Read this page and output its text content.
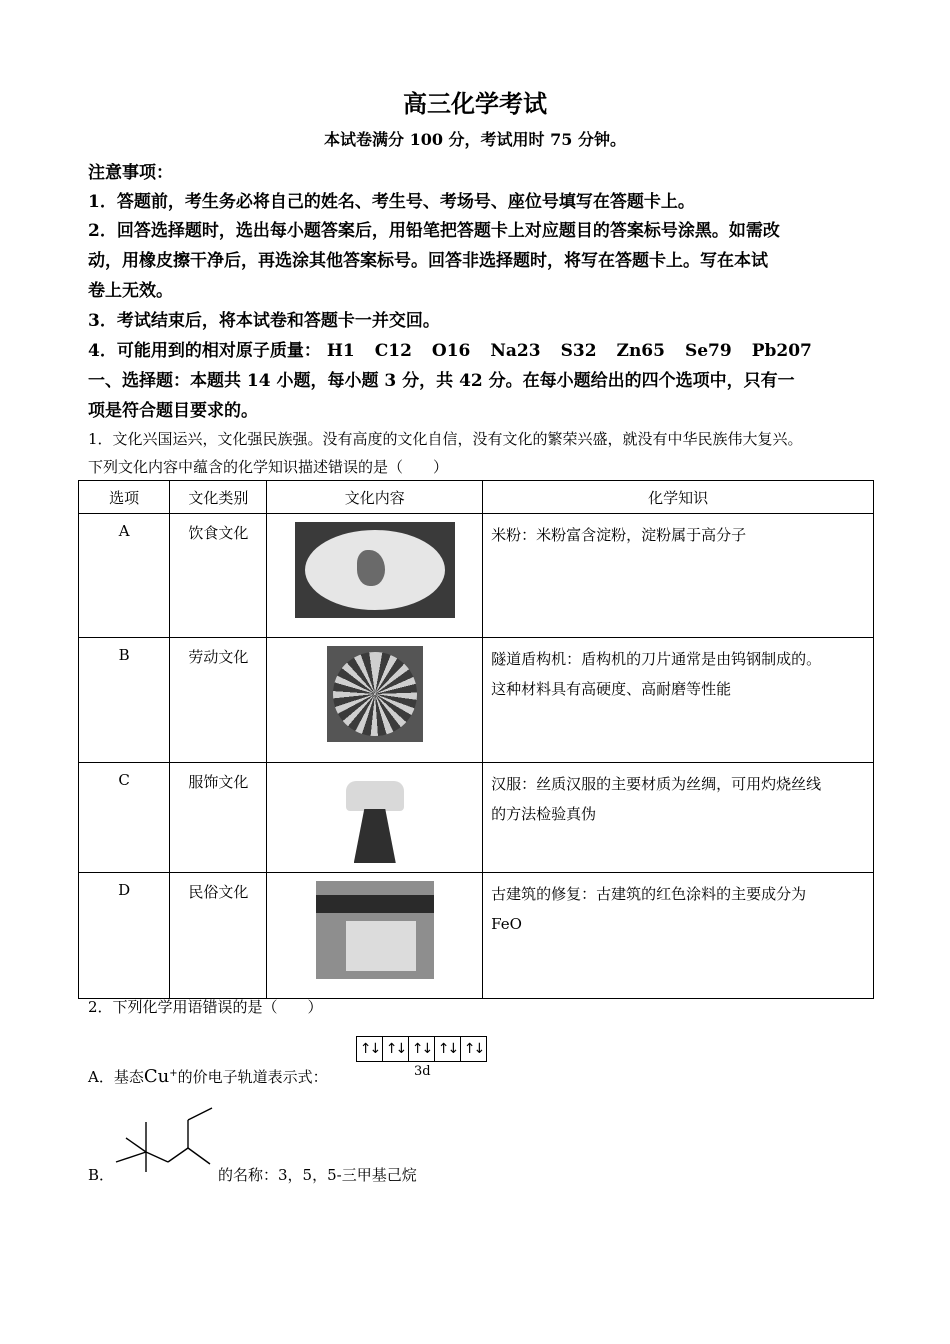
高三化学考试
本试卷满分 100 分，考试用时 75 分钟。
注意事项：
1．答题前，考生务必将自己的姓名、考生号、考场号、座位号填写在答题卡上。
2．回答选择题时，选出每小题答案后，用铅笔把答题卡上对应题目的答案标号涂黑。如需改
动，用橡皮擦干净后，再选涂其他答案标号。回答非选择题时，将写在答题卡上。写在本试
卷上无效。
3．考试结束后，将本试卷和答题卡一并交回。
4．可能用到的相对原子质量： H1 C12 O16 Na23 S32 Zn65 Se79 Pb207
一、选择题：本题共 14 小题，每小题 3 分，共 42 分。在每小题给出的四个选项中，只有一
项是符合题目要求的。
1．文化兴国运兴，文化强民族强。没有高度的文化自信，没有文化的繁荣兴盛，就没有中华民族伟大复兴。
下列文化内容中蕴含的化学知识描述错误的是（　　）
选项	文化类别	文化内容	化学知识
A	饮食文化		米粉：米粉富含淀粉，淀粉属于高分子

B	劳动文化		隧道盾构机：盾构机的刀片通常是由钨钢制成的。
这种材料具有高硬度、高耐磨等性能

C	服饰文化		汉服：丝质汉服的主要材质为丝绸，可用灼烧丝线
的方法检验真伪

D	民俗文化		古建筑的修复：古建筑的红色涂料的主要成分为
FeO
2．下列化学用语错误的是（　　）
A．基态Cu+的价电子轨道表示式：
↑↓ ↑↓ ↑↓ ↑↓ ↑↓
3d
B．	的名称：3，5，5-三甲基己烷
